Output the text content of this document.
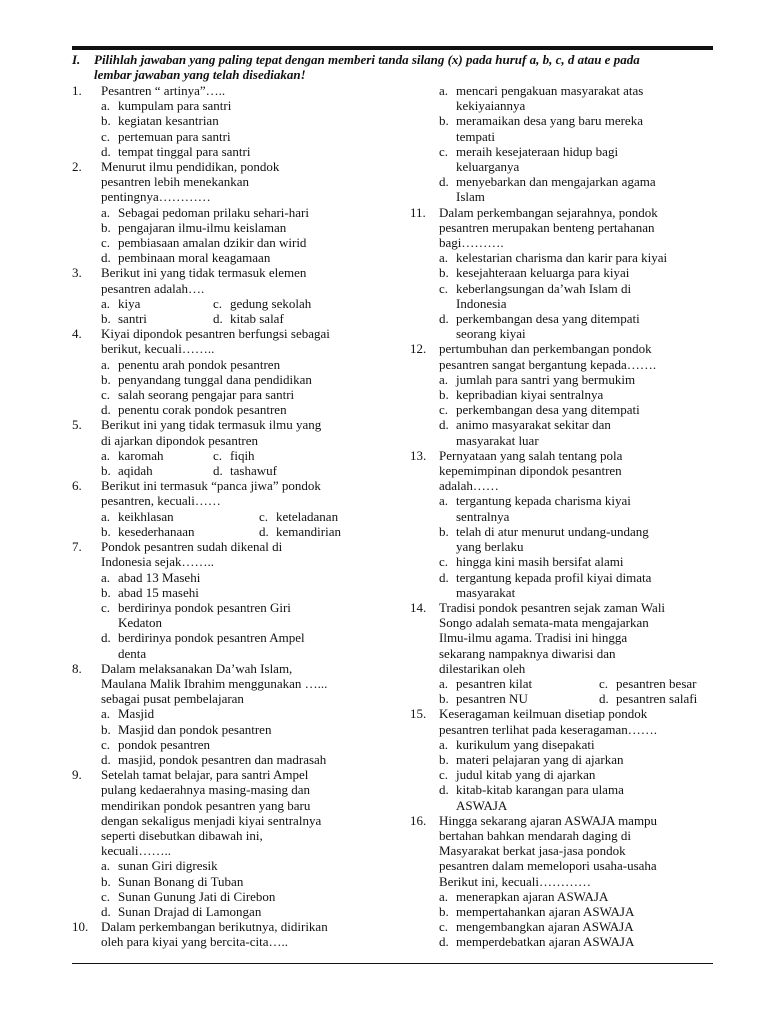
I. Pilihlah jawaban yang paling tepat dengan memberi tanda silang (x) pada huruf a, b, c, d atau e pada
lembar jawaban yang telah disediakan!
1.	Pesantren “ artinya”…..
a. kumpulam para santri
b. kegiatan kesantrian
c. pertemuan para santri
d. tempat tinggal para santri
2.	Menurut ilmu pendidikan, pondok
pesantren lebih menekankan
pentingnya…………
a. Sebagai pedoman prilaku sehari-hari
b. pengajaran ilmu-ilmu keislaman
c. pembiasaan amalan dzikir dan wirid
d. pembinaan moral keagamaan
3.	Berikut ini yang tidak termasuk elemen
pesantren adalah….
a. kiya	c. gedung sekolah
b. santri	d. kitab salaf
4.	Kiyai dipondok pesantren berfungsi sebagai
berikut, kecuali……..
a. penentu arah pondok pesantren
b. penyandang tunggal dana pendidikan
c. salah seorang pengajar para santri
d. penentu corak pondok pesantren
5.	Berikut ini yang tidak termasuk ilmu yang
di ajarkan dipondok pesantren
a. karomah	c. fiqih
b. aqidah	d. tashawuf
6.	Berikut ini termasuk “panca jiwa” pondok
pesantren, kecuali……
a. keikhlasan	c. keteladanan
b. kesederhanaan	d. kemandirian
7.	Pondok pesantren sudah dikenal di
Indonesia sejak……..
a. abad 13 Masehi
b. abad 15 masehi
c. berdirinya pondok pesantren Giri
Kedaton
d. berdirinya pondok pesantren Ampel
denta
8.	Dalam melaksanakan Da’wah Islam,
Maulana Malik Ibrahim menggunakan …...
sebagai pusat pembelajaran
a. Masjid
b. Masjid dan pondok pesantren
c. pondok pesantren
d. masjid, pondok pesantren dan madrasah
9.	Setelah tamat belajar, para santri Ampel
pulang kedaerahnya masing-masing dan
mendirikan pondok pesantren yang baru
dengan sekaligus menjadi kiyai sentralnya
seperti disebutkan dibawah ini,
kecuali……..
a. sunan Giri digresik
b. Sunan Bonang di Tuban
c. Sunan Gunung Jati di Cirebon
d. Sunan Drajad di Lamongan
10. Dalam perkembangan berikutnya, didirikan
oleh para kiyai yang bercita-cita…..
a. mencari pengakuan masyarakat atas
kekiyaiannya
b. meramaikan desa yang baru mereka
tempati
c. meraih kesejateraan hidup bagi
keluarganya
d. menyebarkan dan mengajarkan agama
Islam
11.	Dalam perkembangan sejarahnya, pondok
pesantren merupakan benteng pertahanan
bagi……….
a. kelestarian charisma dan karir para kiyai
b. kesejahteraan keluarga para kiyai
c. keberlangsungan da’wah Islam di
Indonesia
d. perkembangan desa yang ditempati
seorang kiyai
12. pertumbuhan dan perkembangan pondok
pesantren sangat bergantung kepada…….
a. jumlah para santri yang bermukim
b. kepribadian kiyai sentralnya
c. perkembangan desa yang ditempati
d. animo masyarakat sekitar dan
masyarakat luar
13. Pernyataan yang salah tentang pola
kepemimpinan dipondok pesantren
adalah……
a. tergantung kepada charisma kiyai
sentralnya
b. telah di atur menurut undang-undang
yang berlaku
c. hingga kini masih bersifat alami
d. tergantung kepada profil kiyai dimata
masyarakat
14. Tradisi pondok pesantren sejak zaman Wali
Songo adalah semata-mata mengajarkan
Ilmu-ilmu agama. Tradisi ini hingga
sekarang nampaknya diwarisi dan
dilestarikan oleh
a. pesantren kilat	c. pesantren besar
b. pesantren NU	d. pesantren salafi
15. Keseragaman keilmuan disetiap pondok
pesantren terlihat pada keseragaman…….
a. kurikulum yang disepakati
b. materi pelajaran yang di ajarkan
c. judul kitab yang di ajarkan
d. kitab-kitab karangan para ulama
ASWAJA
16. Hingga sekarang ajaran ASWAJA mampu
bertahan bahkan mendarah daging di
Masyarakat berkat jasa-jasa pondok
pesantren dalam memelopori usaha-usaha
Berikut ini, kecuali…………
a. menerapkan ajaran ASWAJA
b. mempertahankan ajaran ASWAJA
c. mengembangkan ajaran ASWAJA
d. memperdebatkan ajaran ASWAJA
